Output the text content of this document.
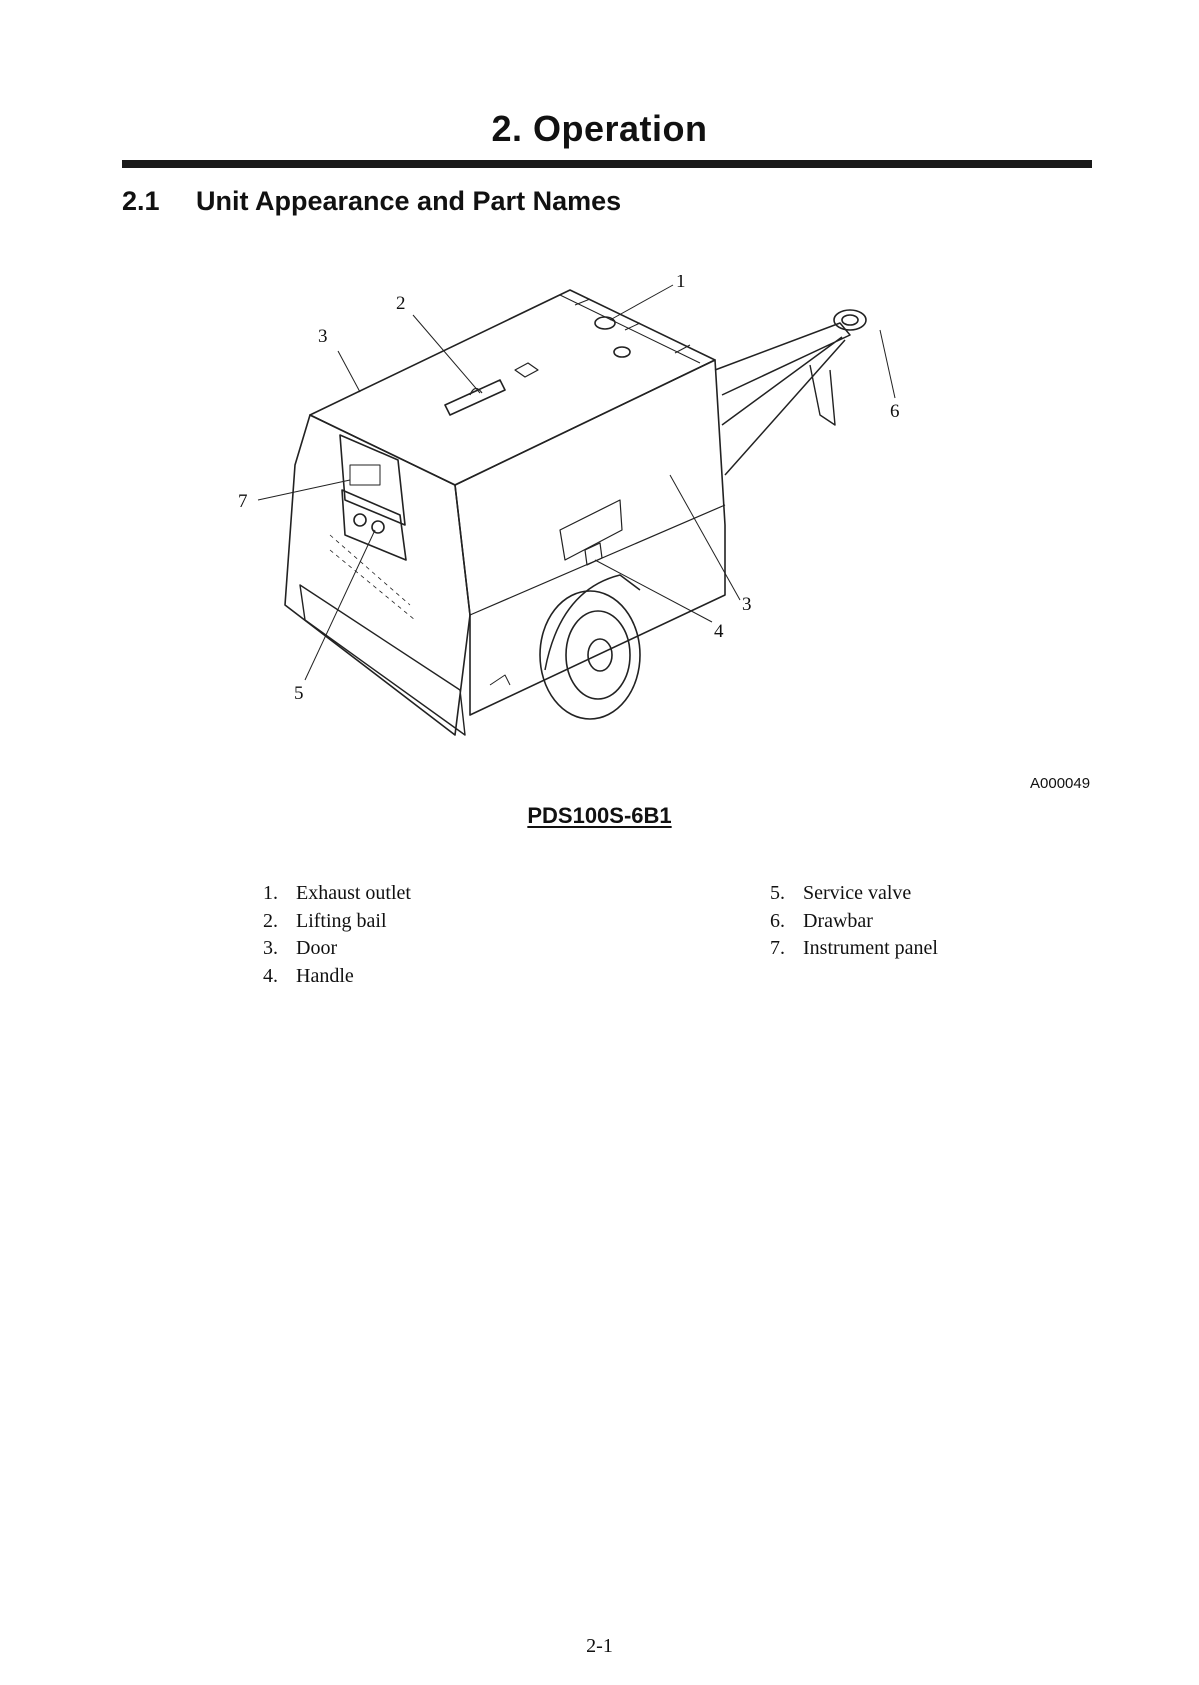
2. Operation
2.1 Unit Appearance and Part Names
1
2
3
3
4
5
6
7
A000049
PDS100S-6B1
1. Exhaust outlet
2. Lifting bail
3. Door
4. Handle
5. Service valve
6. Drawbar
7. Instrument panel
2-1
